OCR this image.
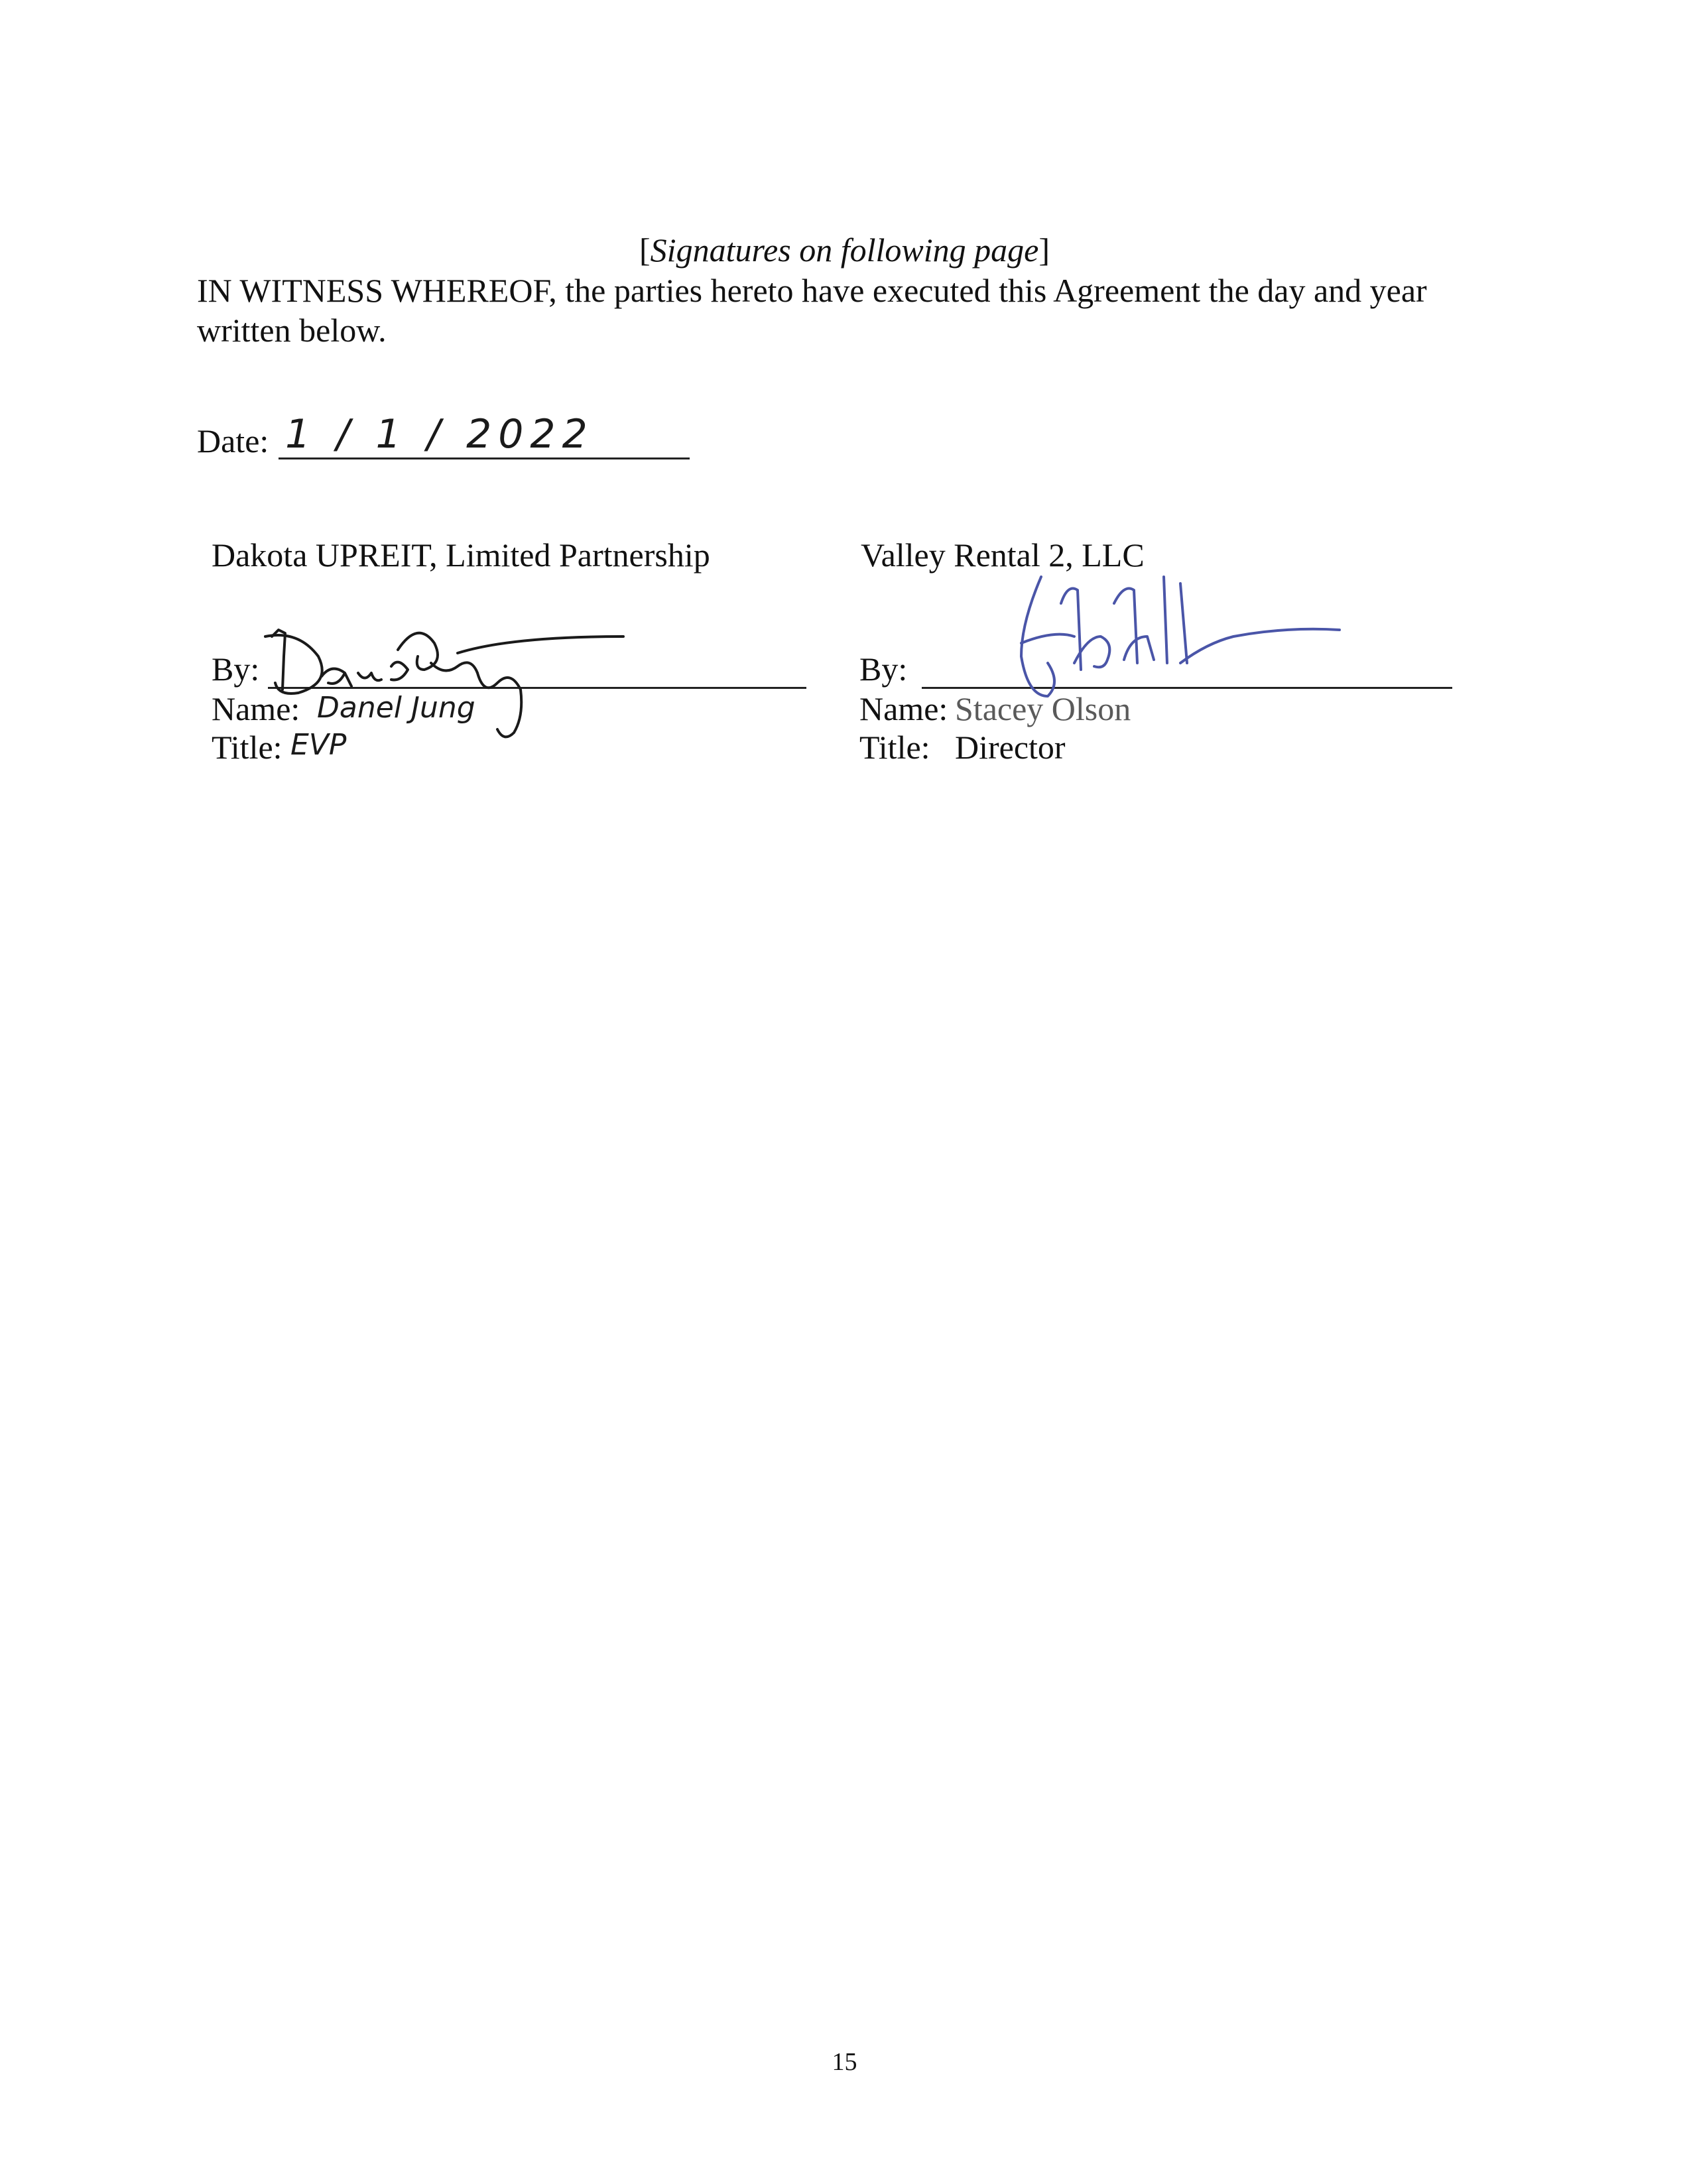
[Signatures on following page]
IN WITNESS WHEREOF, the parties hereto have executed this Agreement the day and year written below.
Date: 1 / 1 / 2022
Dakota UPREIT, Limited Partnership
By:
Name: Danel Jung
Title: EVP
Valley Rental 2, LLC
By:
Name: Stacey Olson
Title: Director
15
